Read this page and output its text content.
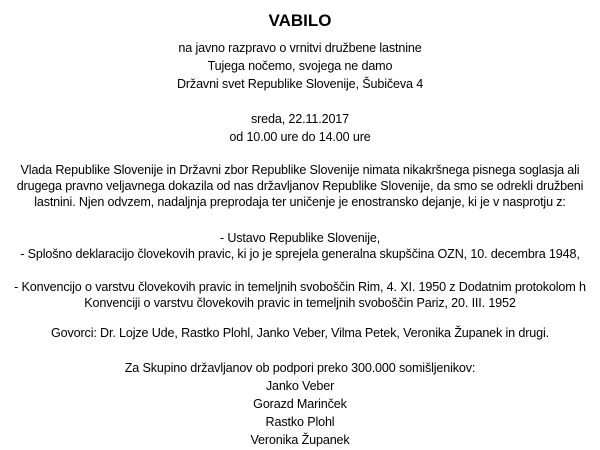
VABILO
na javno razpravo o vrnitvi družbene lastnine
Tujega nočemo, svojega ne damo
Državni svet Republike Slovenije, Šubičeva 4
sreda, 22.11.2017
od 10.00 ure do 14.00 ure
Vlada Republike Slovenije in Državni zbor Republike Slovenije nimata nikakršnega pisnega soglasja ali drugega pravno veljavnega dokazila od nas državljanov Republike Slovenije, da smo se odrekli družbeni lastnini. Njen odvzem, nadaljnja preprodaja ter uničenje je enostransko dejanje, ki je v nasprotju z:
- Ustavo Republike Slovenije,
- Splošno deklaracijo človekovih pravic, ki jo je sprejela generalna skupščina OZN, 10. decembra 1948,
- Konvencijo o varstvu človekovih pravic in temeljnih svoboščin Rim, 4. XI. 1950 z Dodatnim protokolom h Konvenciji o varstvu človekovih pravic in temeljnih svoboščin Pariz, 20. III. 1952
Govorci: Dr. Lojze Ude, Rastko Plohl, Janko Veber, Vilma Petek, Veronika Županek in drugi.
Za Skupino državljanov ob podpori preko 300.000 somišljenikov:
Janko Veber
Gorazd Marinček
Rastko Plohl
Veronika Županek
